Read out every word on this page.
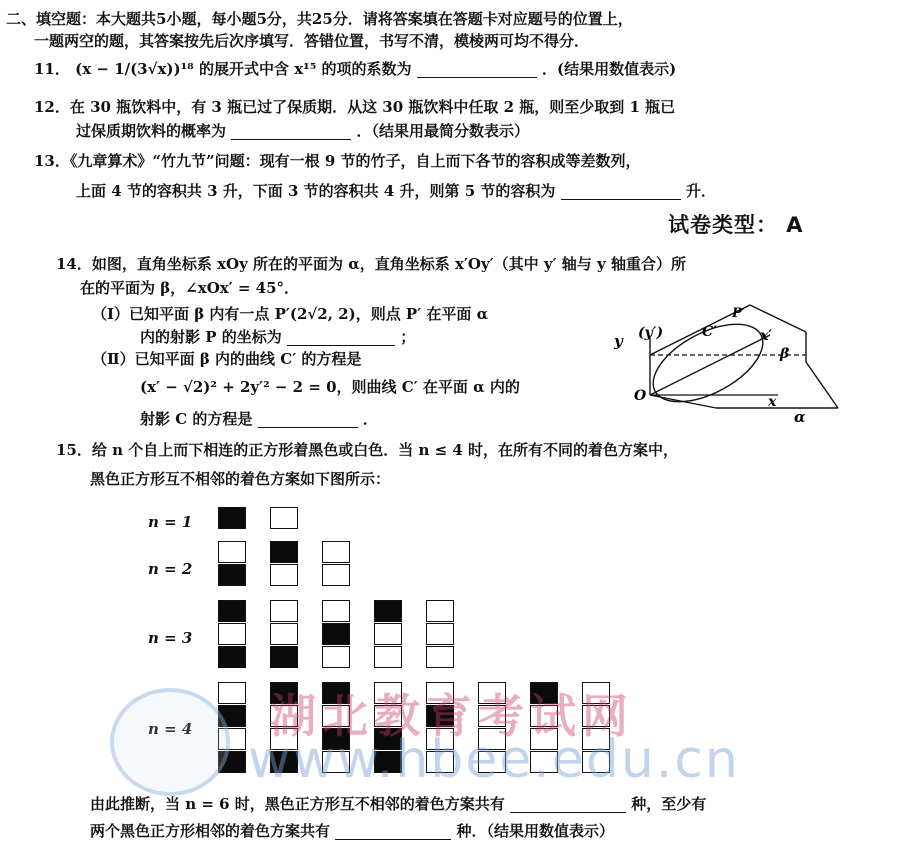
二、填空题：本大题共5小题，每小题5分，共25分．请将答案填在答题卡对应题号的位置上，
一题两空的题，其答案按先后次序填写．答错位置，书写不清，模棱两可均不得分．
11． (x − 1/(3√x))¹⁸ 的展开式中含 x¹⁵ 的项的系数为	．(结果用数值表示)
12．在 30 瓶饮料中，有 3 瓶已过了保质期．从这 30 瓶饮料中任取 2 瓶，则至少取到 1 瓶已
过保质期饮料的概率为	．（结果用最简分数表示）
13．《九章算术》“竹九节”问题：现有一根 9 节的竹子，自上而下各节的容积成等差数列，
上面 4 节的容积共 3 升，下面 3 节的容积共 4 升，则第 5 节的容积为	升．
试卷类型： A
14．如图，直角坐标系 xOy 所在的平面为 α，直角坐标系 x′Oy′（其中 y′ 轴与 y 轴重合）所
在的平面为 β，∠xOx′ = 45°．
（Ⅰ）已知平面 β 内有一点 P′(2√2, 2)，则点 P′ 在平面 α
内的射影 P 的坐标为	；
（Ⅱ）已知平面 β 内的曲线 C′ 的方程是
(x′ − √2)² + 2y′² − 2 = 0，则曲线 C′ 在平面 α 内的
射影 C 的方程是	．
(y′)
y	C′
P′
x′
β
O	x
α
15．给 n 个自上而下相连的正方形着黑色或白色．当 n ≤ 4 时，在所有不同的着色方案中，
黑色正方形互不相邻的着色方案如下图所示：
n = 1
n = 2
n = 3
n = 4 湖北教育考试网
www.hbee.edu.cn
由此推断，当 n = 6 时，黑色正方形互不相邻的着色方案共有	种，至少有
两个黑色正方形相邻的着色方案共有	种．（结果用数值表示）
